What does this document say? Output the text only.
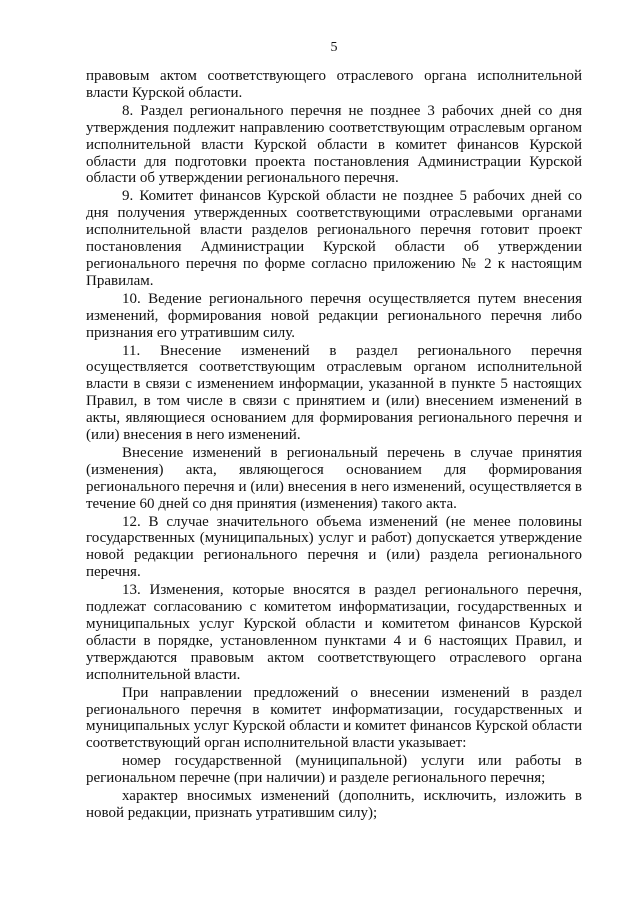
5

правовым актом соответствующего отраслевого органа исполнительной власти Курской области.

8. Раздел регионального перечня не позднее 3 рабочих дней со дня утверждения подлежит направлению соответствующим отраслевым органом исполнительной власти Курской области в комитет финансов Курской области для подготовки проекта постановления Администрации Курской области об утверждении регионального перечня.

9. Комитет финансов Курской области не позднее 5 рабочих дней со дня получения утвержденных соответствующими отраслевыми органами исполнительной власти разделов регионального перечня готовит проект постановления Администрации Курской области об утверждении регионального перечня по форме согласно приложению № 2 к настоящим Правилам.

10. Ведение регионального перечня осуществляется путем внесения изменений, формирования новой редакции регионального перечня либо признания его утратившим силу.

11. Внесение изменений в раздел регионального перечня осуществляется соответствующим отраслевым органом исполнительной власти в связи с изменением информации, указанной в пункте 5 настоящих Правил, в том числе в связи с принятием и (или) внесением изменений в акты, являющиеся основанием для формирования регионального перечня и (или) внесения в него изменений.

Внесение изменений в региональный перечень в случае принятия (изменения) акта, являющегося основанием для формирования регионального перечня и (или) внесения в него изменений, осуществляется в течение 60 дней со дня принятия (изменения) такого акта.

12. В случае значительного объема изменений (не менее половины государственных (муниципальных) услуг и работ) допускается утверждение новой редакции регионального перечня и (или) раздела регионального перечня.

13. Изменения, которые вносятся в раздел регионального перечня, подлежат согласованию с комитетом информатизации, государственных и муниципальных услуг Курской области и комитетом финансов Курской области в порядке, установленном пунктами 4 и 6 настоящих Правил, и утверждаются правовым актом соответствующего отраслевого органа исполнительной власти.

При направлении предложений о внесении изменений в раздел регионального перечня в комитет информатизации, государственных и муниципальных услуг Курской области и комитет финансов Курской области соответствующий орган исполнительной власти указывает:

номер государственной (муниципальной) услуги или работы в региональном перечне (при наличии) и разделе регионального перечня;

характер вносимых изменений (дополнить, исключить, изложить в новой редакции, признать утратившим силу);
